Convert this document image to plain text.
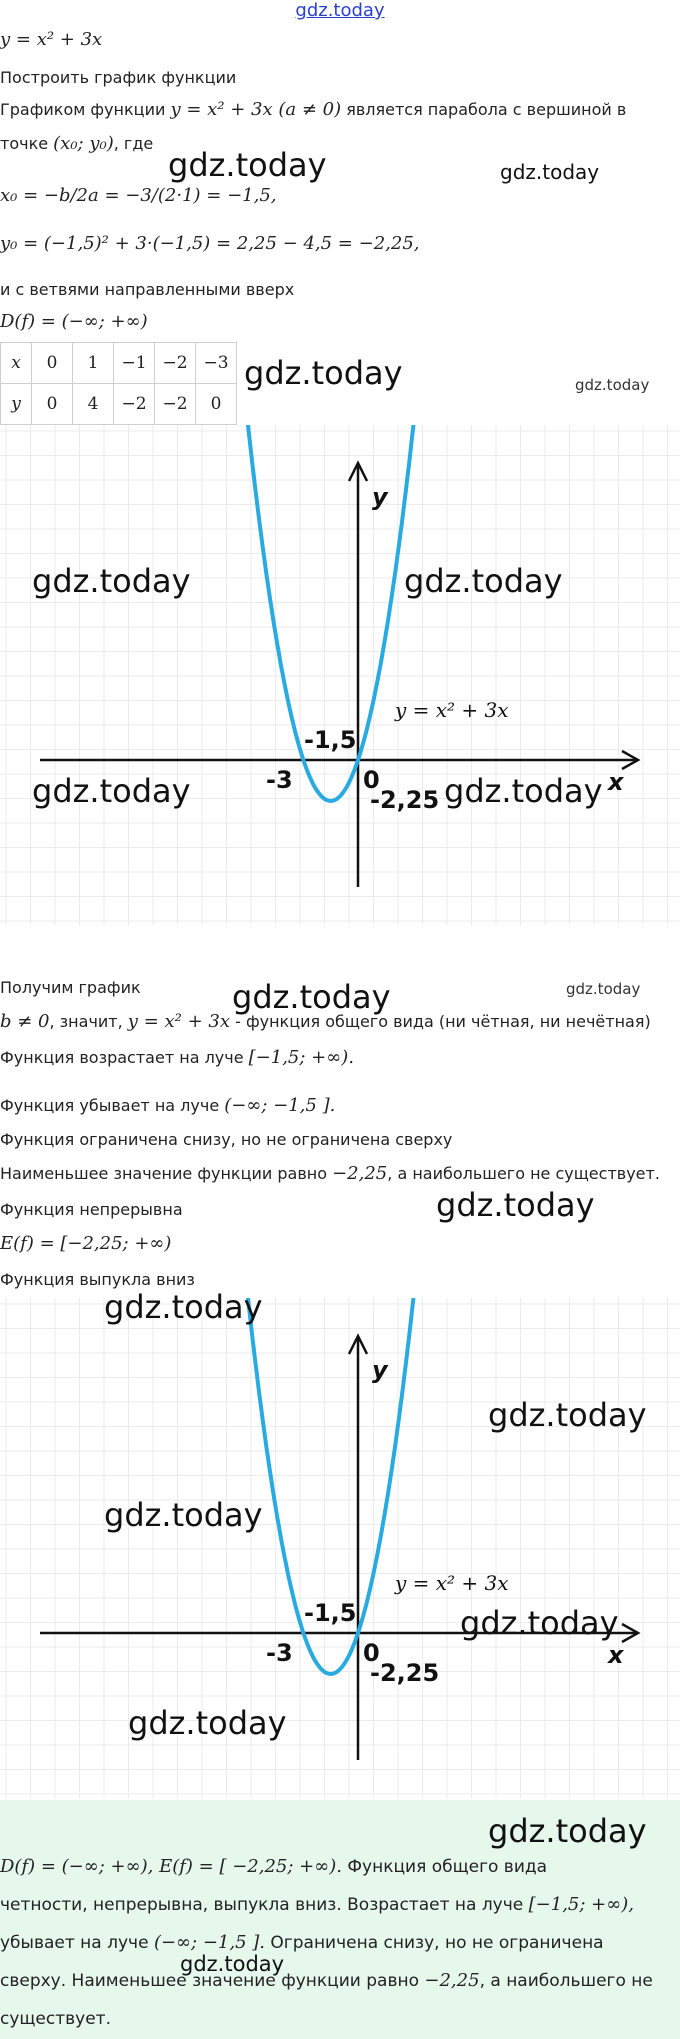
gdz.today
y = x² + 3x
Построить график функции
Графиком функции y = x² + 3x (a ≠ 0) является парабола с вершиной в
точке (x₀; y₀), где
x₀ = −b/2a = −3/(2·1) = −1,5,
y₀ = (−1,5)² + 3·(−1,5) = 2,25 − 4,5 = −2,25,
и с ветвями направленными вверх
D(f) = (−∞; +∞)
x	0	1	−1	−2	−3
y	0	4	−2	−2	0
y
x
0
-3
-1,5
-2,25
y = x² + 3x
Получим график
b ≠ 0, значит, y = x² + 3x - функция общего вида (ни чётная, ни нечётная)
Функция возрастает на луче [−1,5; +∞).
Функция убывает на луче (−∞; −1,5 ].
Функция ограничена снизу, но не ограничена сверху
Наименьшее значение функции равно −2,25, а наибольшего не существует.
Функция непрерывна
E(f) = [−2,25; +∞)
Функция выпукла вниз
y
x
0
-3
-1,5
-2,25
y = x² + 3x
D(f) = (−∞; +∞), E(f) = [ −2,25; +∞). Функция общего вида
четности, непрерывна, выпукла вниз. Возрастает на луче [−1,5; +∞),
убывает на луче (−∞; −1,5 ]. Ограничена снизу, но не ограничена
сверху. Наименьшее значение функции равно −2,25, а наибольшего не
существует.
gdz.today	gdz.today
gdz.today	gdz.today
gdz.today	gdz.today
gdz.today	gdz.today
gdz.today	gdz.today
gdz.today
gdz.today
gdz.today
gdz.today
gdz.today
gdz.today
gdz.today
gdz.today
